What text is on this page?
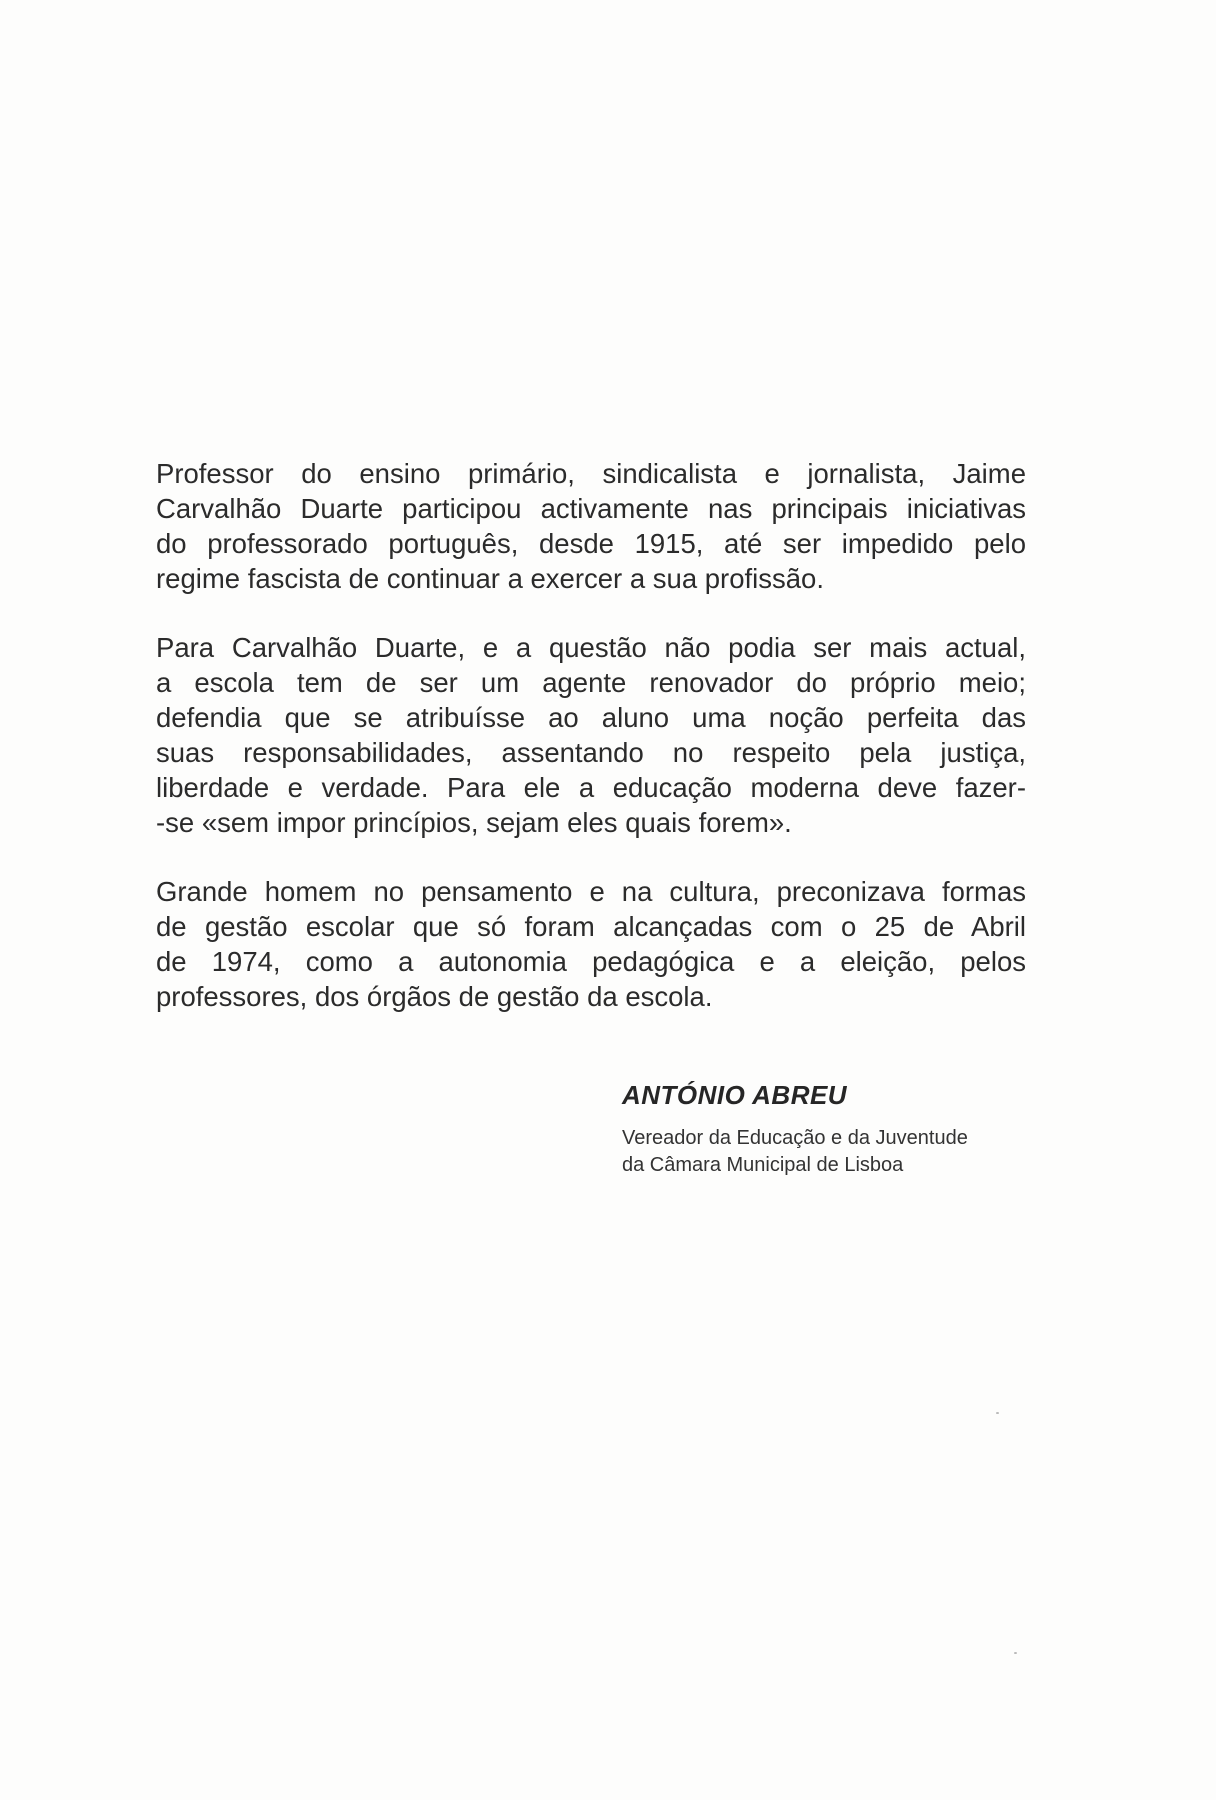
Professor do ensino primário, sindicalista e jornalista, Jaime
Carvalhão Duarte participou activamente nas principais iniciativas
do professorado português, desde 1915, até ser impedido pelo
regime fascista de continuar a exercer a sua profissão.

Para Carvalhão Duarte, e a questão não podia ser mais actual,
a escola tem de ser um agente renovador do próprio meio;
defendia que se atribuísse ao aluno uma noção perfeita das
suas responsabilidades, assentando no respeito pela justiça,
liberdade e verdade. Para ele a educação moderna deve fazer-
-se «sem impor princípios, sejam eles quais forem».

Grande homem no pensamento e na cultura, preconizava formas
de gestão escolar que só foram alcançadas com o 25 de Abril
de 1974, como a autonomia pedagógica e a eleição, pelos
professores, dos órgãos de gestão da escola.

ANTÓNIO ABREU

Vereador da Educação e da Juventude

da Câmara Municipal de Lisboa
